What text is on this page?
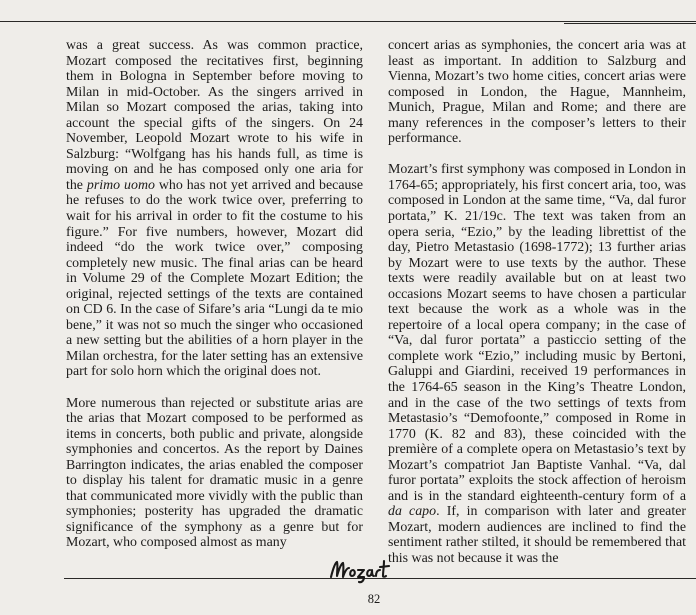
was a great success. As was common practice, Mozart composed the recitatives first, beginning them in Bologna in September before moving to Milan in mid-October. As the singers arrived in Milan so Mozart composed the arias, taking into account the special gifts of the singers. On 24 November, Leopold Mozart wrote to his wife in Salzburg: “Wolfgang has his hands full, as time is moving on and he has composed only one aria for the primo uomo who has not yet arrived and because he refuses to do the work twice over, preferring to wait for his arrival in order to fit the costume to his figure.” For five numbers, however, Mozart did indeed “do the work twice over,” composing completely new music. The final arias can be heard in Volume 29 of the Complete Mozart Edition; the original, rejected settings of the texts are contained on CD 6. In the case of Sifare’s aria “Lungi da te mio bene,” it was not so much the singer who occasioned a new setting but the abilities of a horn player in the Milan orchestra, for the later setting has an extensive part for solo horn which the original does not.

More numerous than rejected or substitute arias are the arias that Mozart composed to be performed as items in concerts, both public and private, alongside symphonies and concertos. As the report by Daines Barrington indicates, the arias enabled the composer to display his talent for dramatic music in a genre that communicated more vividly with the public than symphonies; posterity has upgraded the dramatic significance of the symphony as a genre but for Mozart, who composed almost as many

concert arias as symphonies, the concert aria was at least as important. In addition to Salzburg and Vienna, Mozart’s two home cities, concert arias were composed in London, the Hague, Mannheim, Munich, Prague, Milan and Rome; and there are many references in the composer’s letters to their performance.

Mozart’s first symphony was composed in London in 1764-65; appropriately, his first concert aria, too, was composed in London at the same time, “Va, dal furor portata,” K. 21/19c. The text was taken from an opera seria, “Ezio,” by the leading librettist of the day, Pietro Metastasio (1698-1772); 13 further arias by Mozart were to use texts by the author. These texts were readily available but on at least two occasions Mozart seems to have chosen a particular text because the work as a whole was in the repertoire of a local opera company; in the case of “Va, dal furor portata” a pasticcio setting of the complete work “Ezio,” including music by Bertoni, Galuppi and Giardini, received 19 performances in the 1764-65 season in the King’s Theatre London, and in the case of the two settings of texts from Metastasio’s “Demofoonte,” composed in Rome in 1770 (K. 82 and 83), these coincided with the première of a complete opera on Metastasio’s text by Mozart’s compatriot Jan Baptiste Vanhal. “Va, dal furor portata” exploits the stock affection of heroism and is in the standard eighteenth-century form of a da capo. If, in comparison with later and greater Mozart, modern audiences are inclined to find the sentiment rather stilted, it should be remembered that this was not because it was the

82
